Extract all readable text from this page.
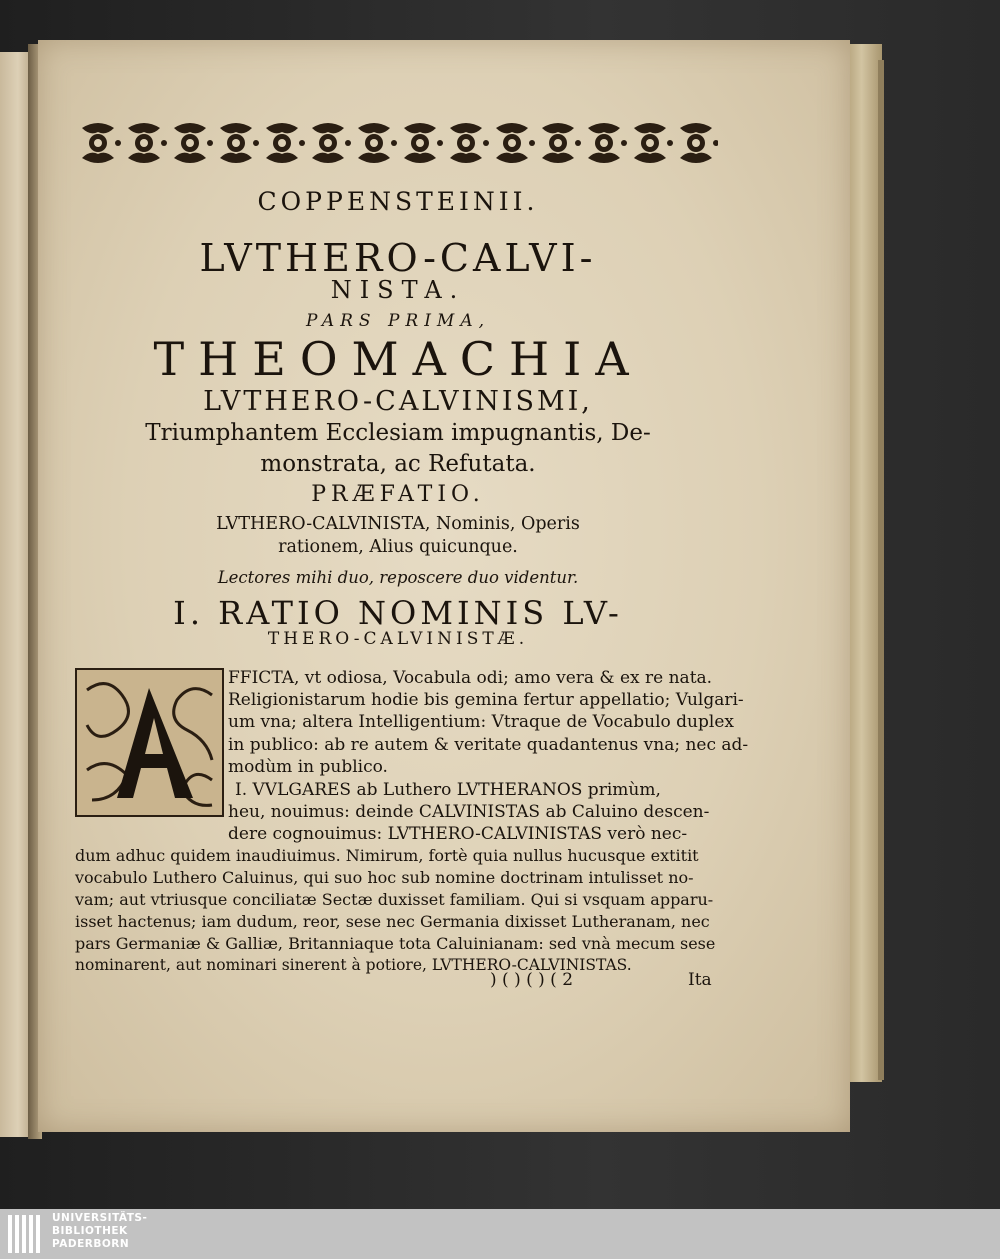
COPPENSTEINII.
LVTHERO-CALVI-
NISTA.
PARS PRIMA,
THEOMACHIA
LVTHERO-CALVINISMI,
Triumphantem Ecclesiam impugnantis, De-
monstrata, ac Refutata.
PRÆFATIO.
LVTHERO-CALVINISTA, Nominis, Operis
rationem, Alius quicunque.
Lectores mihi duo, reposcere duo videntur.
I. RATIO NOMINIS LV-
THERO-CALVINISTÆ.
FFICTA, vt odiosa, Vocabula odi; amo vera & ex re nata.
Religionistarum hodie bis gemina fertur appellatio; Vulgari-
um vna; altera Intelligentium: Vtraque de Vocabulo duplex
in publico: ab re autem & veritate quadantenus vna; nec ad-
modùm in publico.
I. VVLGARES ab Luthero LVTHERANOS primùm,
heu, nouimus: deinde CALVINISTAS ab Caluino descen-
dere cognouimus: LVTHERO-CALVINISTAS verò nec-
dum adhuc quidem inaudiuimus. Nimirum, fortè quia nullus hucusque extitit
vocabulo Luthero Caluinus, qui suo hoc sub nomine doctrinam intulisset no-
vam; aut vtriusque conciliatæ Sectæ duxisset familiam. Qui si vsquam apparu-
isset hactenus; iam dudum, reor, sese nec Germania dixisset Lutheranam, nec
pars Germaniæ & Galliæ, Britanniaque tota Caluinianam: sed vnà mecum sese
nominarent, aut nominari sinerent à potiore, LVTHERO-CALVINISTAS.
) ( ) ( ) ( 2	Ita
UNIVERSITÄTS-
BIBLIOTHEK
PADERBORN
